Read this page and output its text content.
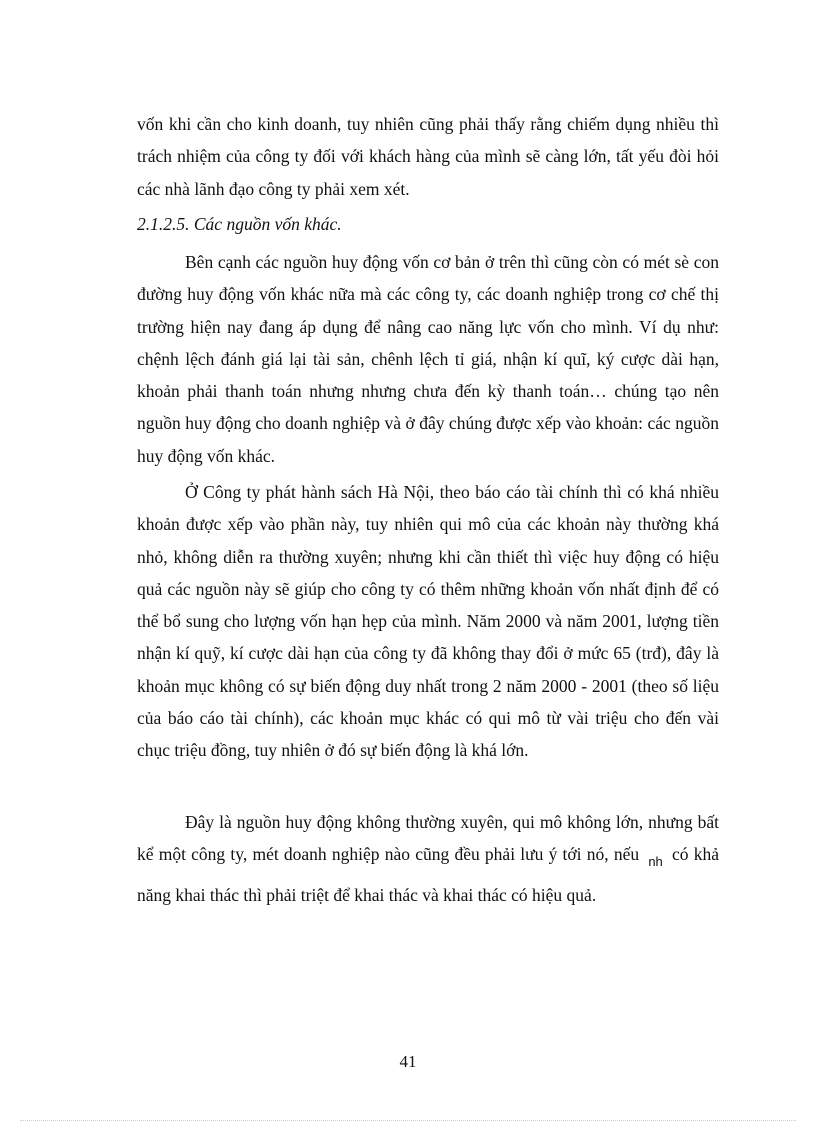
vốn khi cần cho kinh doanh, tuy nhiên cũng phải thấy rằng chiếm dụng nhiều thì trách nhiệm của công ty đối với khách hàng của mình sẽ càng lớn, tất yếu đòi hỏi các nhà lãnh đạo công ty phải xem xét.

2.1.2.5. Các nguồn vốn khác.

Bên cạnh các nguồn huy động vốn cơ bản ở trên thì cũng còn có mét sè con đường huy động vốn khác nữa mà các công ty, các doanh nghiệp trong cơ chế thị trường hiện nay đang áp dụng để nâng cao năng lực vốn cho mình. Ví dụ như: chệnh lệch đánh giá lại tài sản, chênh lệch tỉ giá, nhận kí quĩ, ký cược dài hạn, khoản phải thanh toán nhưng nhưng chưa đến kỳ thanh toán… chúng tạo nên nguồn huy động cho doanh nghiệp và ở đây chúng được xếp vào khoản: các nguồn huy động vốn khác.

Ở Công ty phát hành sách Hà Nội, theo báo cáo tài chính thì có khá nhiều khoản được xếp vào phần này, tuy nhiên qui mô của các khoản này thường khá nhỏ, không diễn ra thường xuyên; nhưng khi cần thiết thì việc huy động có hiệu quả các nguồn này sẽ giúp cho công ty có thêm những khoản vốn nhất định để có thể bổ sung cho lượng vốn hạn hẹp của mình. Năm 2000 và năm 2001, lượng tiền nhận kí quỹ, kí cược dài hạn của công ty đã không thay đổi ở mức 65 (trđ), đây là khoản mục không có sự biến động duy nhất trong 2 năm 2000 - 2001 (theo số liệu của báo cáo tài chính), các khoản mục khác có qui mô từ vài triệu cho đến vài chục triệu đồng, tuy nhiên ở đó sự biến động là khá lớn.

Đây là nguồn huy động không thường xuyên, qui mô không lớn, nhưng bất kể một công ty, mét doanh nghiệp nào cũng đều phải lưu ý tới nó, nếu $_{nh}$ có khả năng khai thác thì phải triệt để khai thác và khai thác có hiệu quả.

41
